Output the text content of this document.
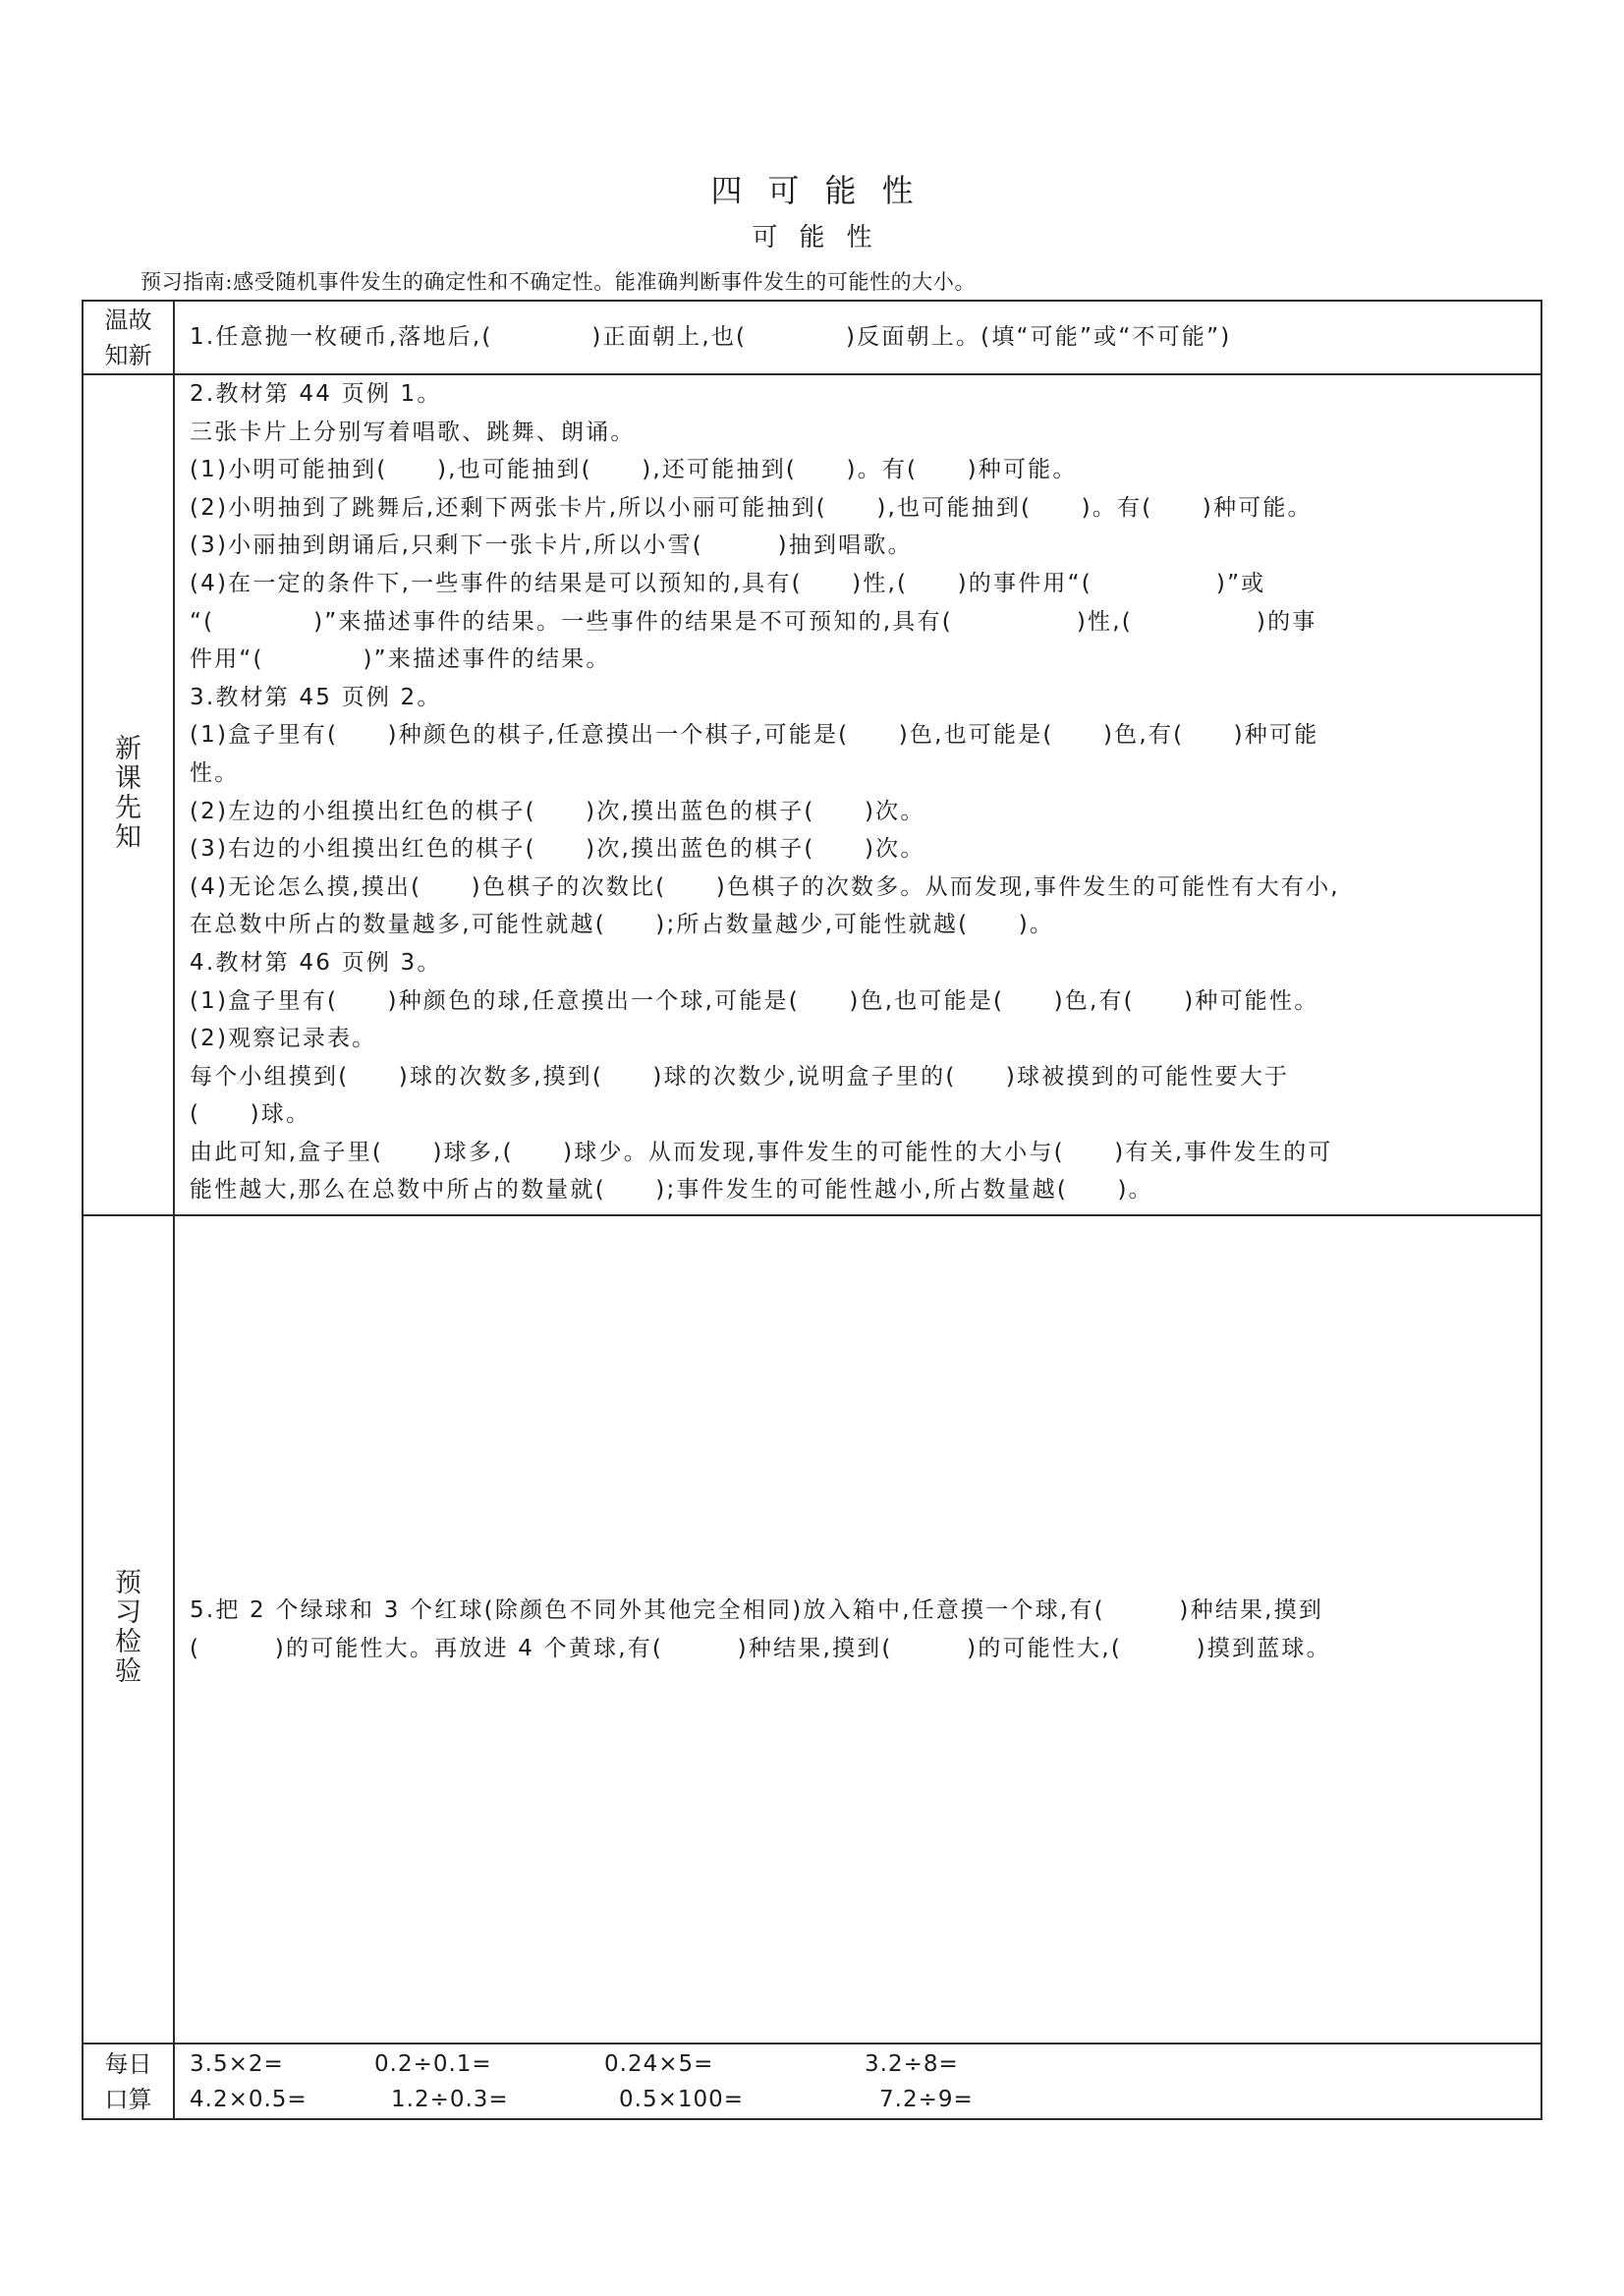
四可能性
可能性
预习指南:感受随机事件发生的确定性和不确定性。能准确判断事件发生的可能性的大小。
温故
知新	1.任意抛一枚硬币,落地后,(　　　　)正面朝上,也(　　　　)反面朝上。(填“可能”或“不可能”)

新课先知	
2.教材第 44 页例 1。
三张卡片上分别写着唱歌、跳舞、朗诵。
(1)小明可能抽到(　　),也可能抽到(　　),还可能抽到(　　)。有(　　)种可能。
(2)小明抽到了跳舞后,还剩下两张卡片,所以小丽可能抽到(　　),也可能抽到(　　)。有(　　)种可能。
(3)小丽抽到朗诵后,只剩下一张卡片,所以小雪(　　　)抽到唱歌。
(4)在一定的条件下,一些事件的结果是可以预知的,具有(　　)性,(　　)的事件用“(　　　　　)”或
“(　　　　)”来描述事件的结果。一些事件的结果是不可预知的,具有(　　　　　)性,(　　　　　)的事
件用“(　　　　)”来描述事件的结果。
3.教材第 45 页例 2。
(1)盒子里有(　　)种颜色的棋子,任意摸出一个棋子,可能是(　　)色,也可能是(　　)色,有(　　)种可能
性。
(2)左边的小组摸出红色的棋子(　　)次,摸出蓝色的棋子(　　)次。
(3)右边的小组摸出红色的棋子(　　)次,摸出蓝色的棋子(　　)次。
(4)无论怎么摸,摸出(　　)色棋子的次数比(　　)色棋子的次数多。从而发现,事件发生的可能性有大有小,
在总数中所占的数量越多,可能性就越(　　);所占数量越少,可能性就越(　　)。
4.教材第 46 页例 3。
(1)盒子里有(　　)种颜色的球,任意摸出一个球,可能是(　　)色,也可能是(　　)色,有(　　)种可能性。
(2)观察记录表。
每个小组摸到(　　)球的次数多,摸到(　　)球的次数少,说明盒子里的(　　)球被摸到的可能性要大于
(　　)球。
由此可知,盒子里(　　)球多,(　　)球少。从而发现,事件发生的可能性的大小与(　　)有关,事件发生的可
能性越大,那么在总数中所占的数量就(　　);事件发生的可能性越小,所占数量越(　　)。

预习检验	5.把 2 个绿球和 3 个红球(除颜色不同外其他完全相同)放入箱中,任意摸一个球,有(　　　)种结果,摸到
(　　　)的可能性大。再放进 4 个黄球,有(　　　)种结果,摸到(　　　)的可能性大,(　　　)摸到蓝球。

每日
口算

3.5×2=	0.2÷0.1=	0.24×5=	3.2÷8=
4.2×0.5=	1.2÷0.3=	0.5×100=	7.2÷9=
